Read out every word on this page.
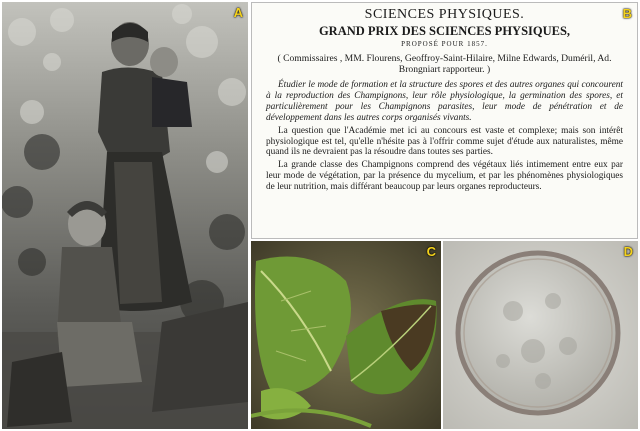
A	SCIENCES PHYSIQUES.
GRAND PRIX DES SCIENCES PHYSIQUES,
PROPOSÉ POUR 1857.
( Commissaires , MM. Flourens, Geoffroy-Saint-Hilaire, Milne Edwards, Duméril, Ad. Brongniart rapporteur. )

Étudier le mode de formation et la structure des spores et des autres organes qui concourent à la reproduction des Champignons, leur rôle physiologique, la germination des spores, et particulièrement pour les Champignons parasites, leur mode de pénétration et de développement dans les autres corps organisés vivants.

La question que l'Académie met ici au concours est vaste et complexe; mais son intérêt physiologique est tel, qu'elle n'hésite pas à l'offrir comme sujet d'étude aux naturalistes, même quand ils ne devraient pas la résoudre dans toutes ses parties.

La grande classe des Champignons comprend des végétaux liés intimement entre eux par leur mode de végétation, par la présence du mycelium, et par les phénomènes physiologiques de leur nutrition, mais différant beaucoup par leurs organes reproducteurs.

B
C	D
